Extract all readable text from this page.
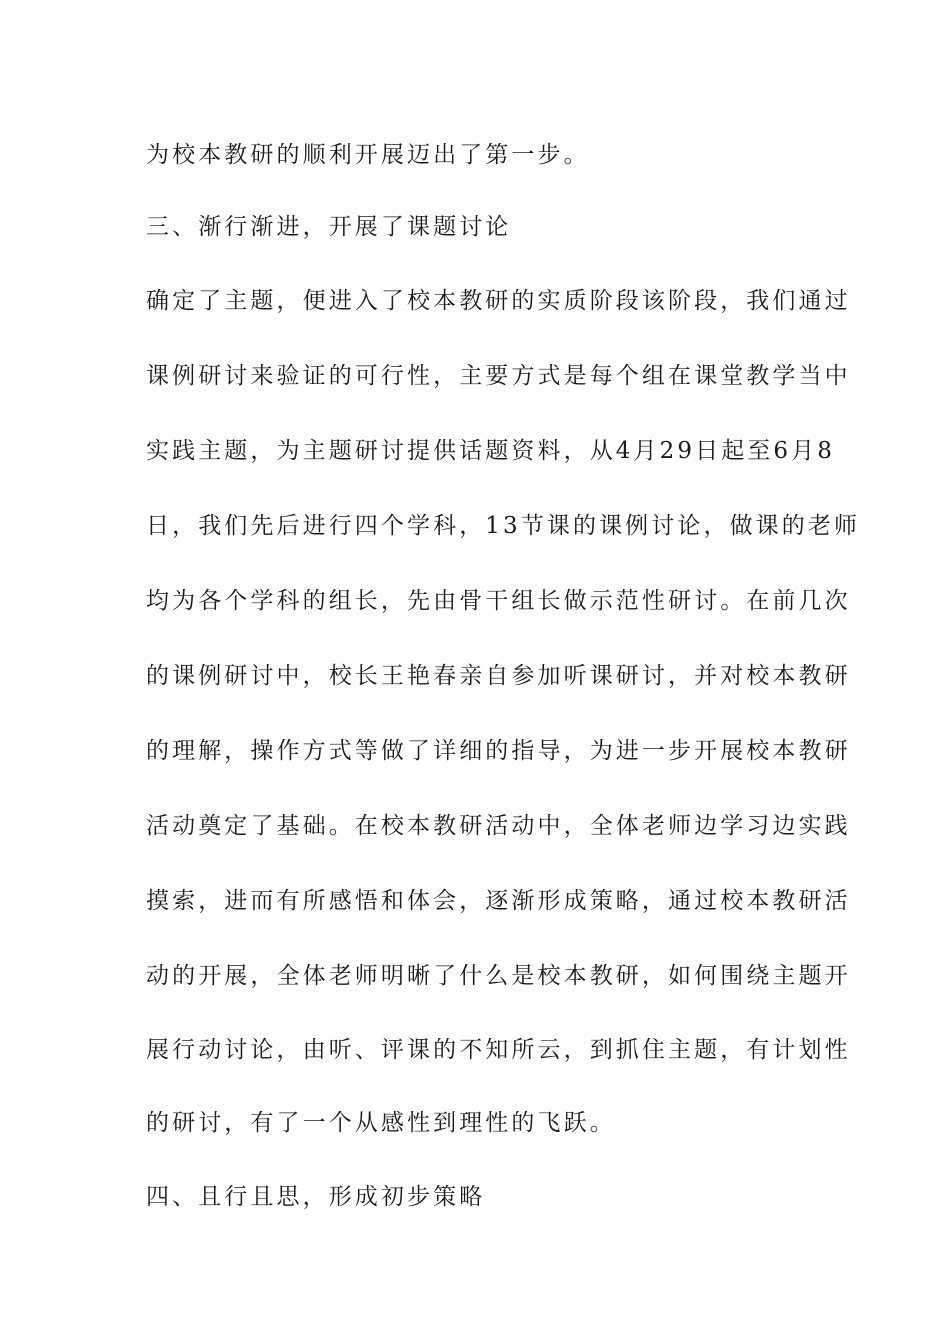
为校本教研的顺利开展迈出了第一步。
三、渐行渐进，开展了课题讨论
确定了主题，便进入了校本教研的实质阶段该阶段，我们通过
课例研讨来验证的可行性，主要方式是每个组在课堂教学当中
实践主题，为主题研讨提供话题资料，从4月29日起至6月8
日，我们先后进行四个学科，13节课的课例讨论，做课的老师
均为各个学科的组长，先由骨干组长做示范性研讨。在前几次
的课例研讨中，校长王艳春亲自参加听课研讨，并对校本教研
的理解，操作方式等做了详细的指导，为进一步开展校本教研
活动奠定了基础。在校本教研活动中，全体老师边学习边实践
摸索，进而有所感悟和体会，逐渐形成策略，通过校本教研活
动的开展，全体老师明晰了什么是校本教研，如何围绕主题开
展行动讨论，由听、评课的不知所云，到抓住主题，有计划性
的研讨，有了一个从感性到理性的飞跃。
四、且行且思，形成初步策略
